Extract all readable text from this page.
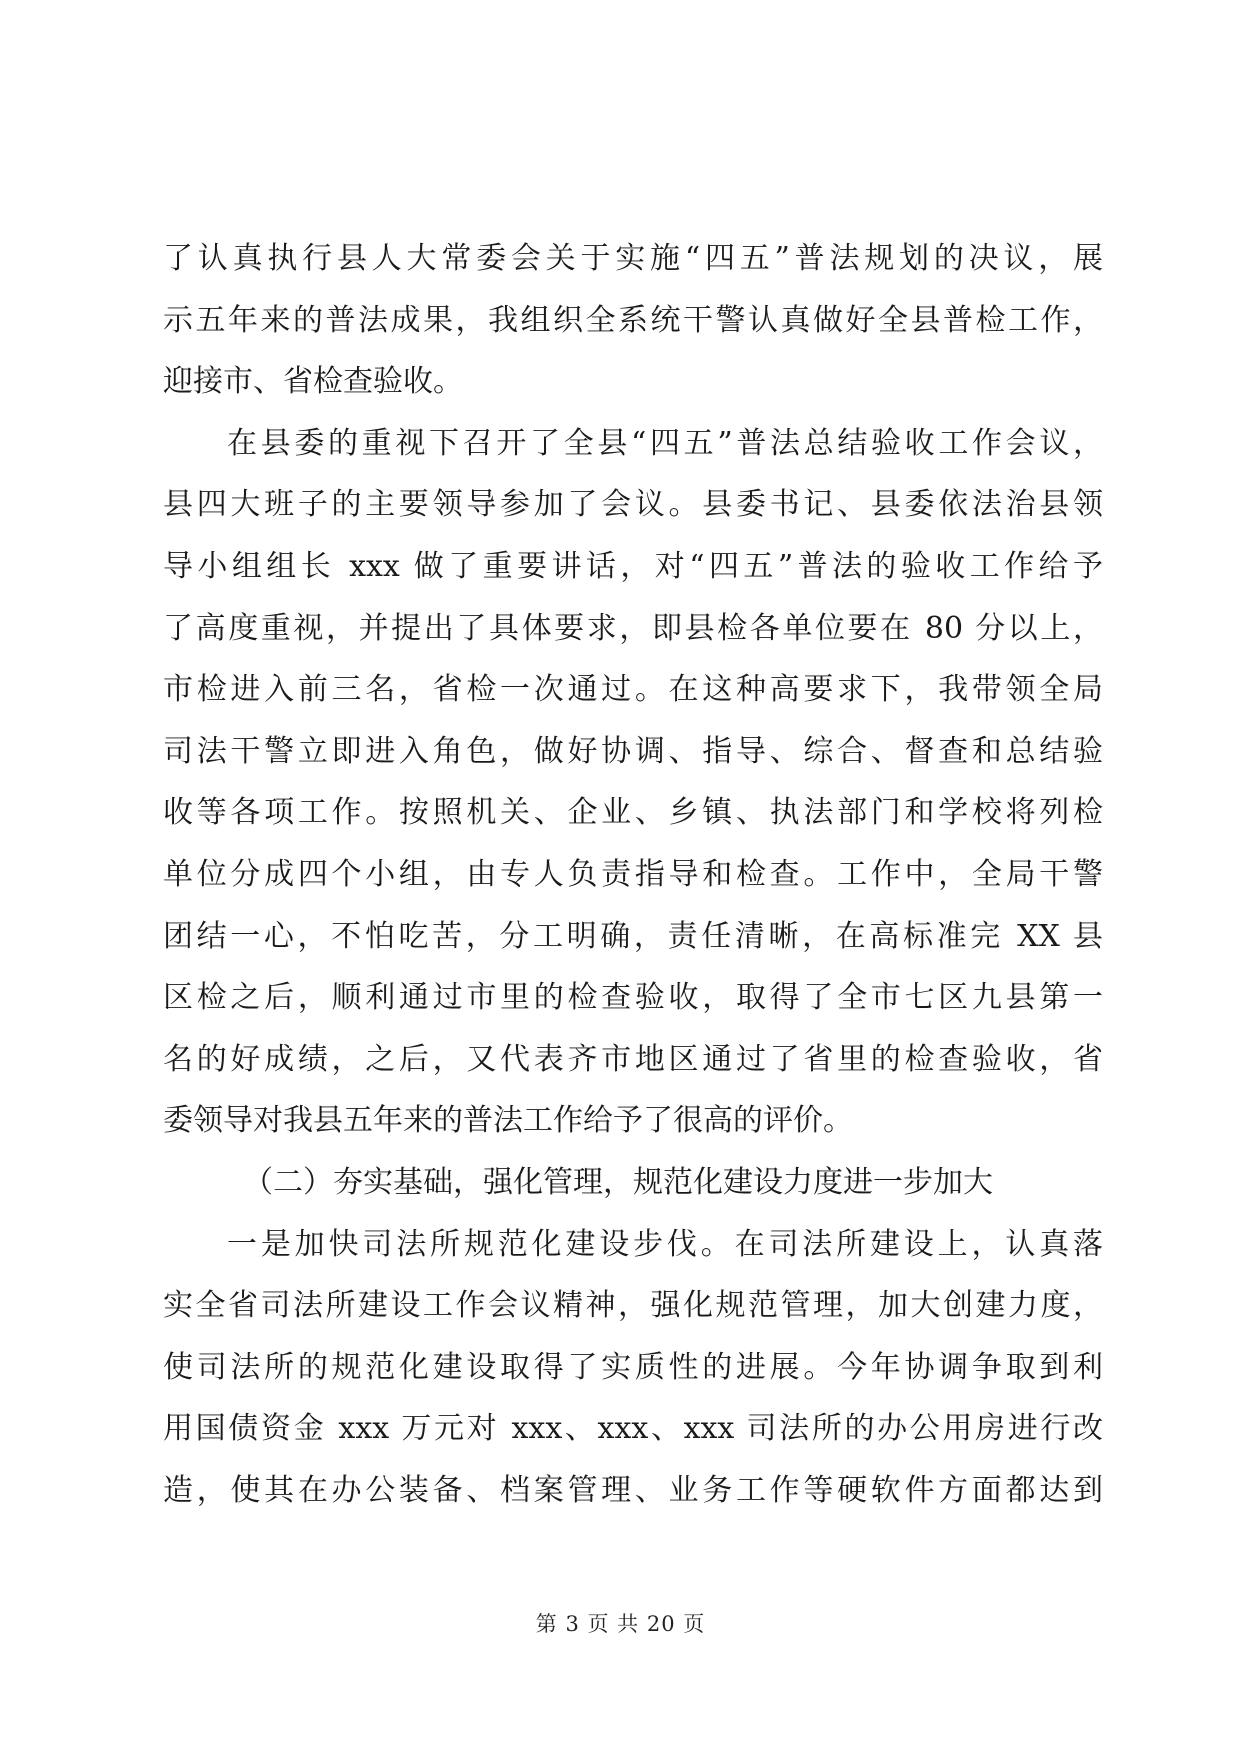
了认真执行县人大常委会关于实施“四五”普法规划的决议，展
示五年来的普法成果，我组织全系统干警认真做好全县普检工作，
迎接市、省检查验收。
在县委的重视下召开了全县“四五”普法总结验收工作会议，
县四大班子的主要领导参加了会议。县委书记、县委依法治县领
导小组组长 xxx 做了重要讲话，对“四五”普法的验收工作给予
了高度重视，并提出了具体要求，即县检各单位要在 80 分以上，
市检进入前三名，省检一次通过。在这种高要求下，我带领全局
司法干警立即进入角色，做好协调、指导、综合、督查和总结验
收等各项工作。按照机关、企业、乡镇、执法部门和学校将列检
单位分成四个小组，由专人负责指导和检查。工作中，全局干警
团结一心，不怕吃苦，分工明确，责任清晰，在高标准完 XX 县
区检之后，顺利通过市里的检查验收，取得了全市七区九县第一
名的好成绩，之后，又代表齐市地区通过了省里的检查验收，省
委领导对我县五年来的普法工作给予了很高的评价。
（二）夯实基础，强化管理，规范化建设力度进一步加大
一是加快司法所规范化建设步伐。在司法所建设上，认真落
实全省司法所建设工作会议精神，强化规范管理，加大创建力度，
使司法所的规范化建设取得了实质性的进展。今年协调争取到利
用国债资金 xxx 万元对 xxx、xxx、xxx 司法所的办公用房进行改
造，使其在办公装备、档案管理、业务工作等硬软件方面都达到
第 3 页 共 20 页
